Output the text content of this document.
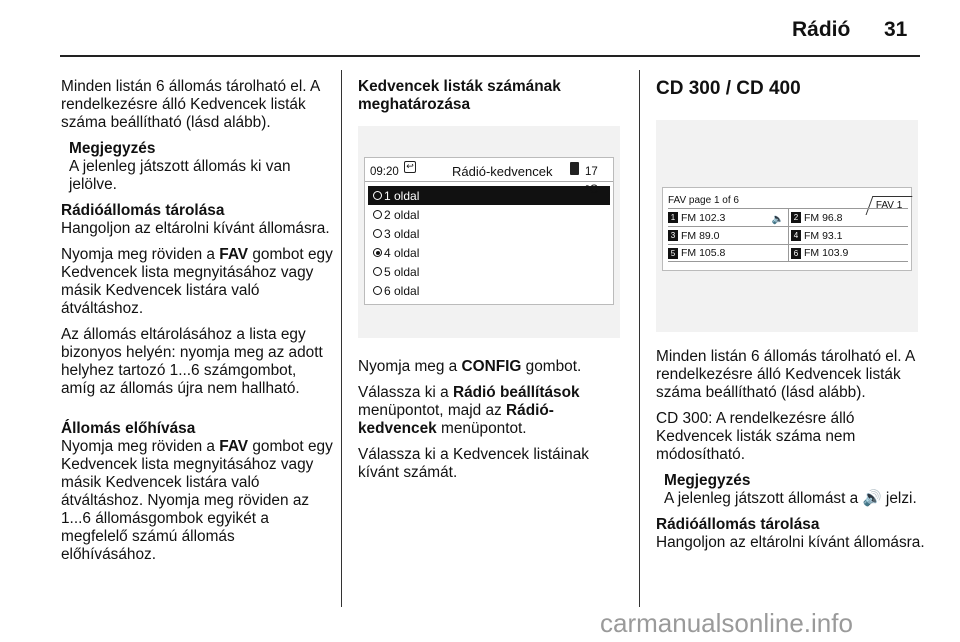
Rádió 31

Minden listán 6 állomás tárolható el. A rendelkezésre álló Kedvencek listák száma beállítható (lásd alább).

Megjegyzés
A jelenleg játszott állomás ki van jelölve.
Rádióállomás tárolása

Hangoljon az eltárolni kívánt állomásra.

Nyomja meg röviden a FAV gombot egy Kedvencek lista megnyitásához vagy másik Kedvencek listára való átváltáshoz.

Az állomás eltárolásához a lista egy bizonyos helyén: nyomja meg az adott helyhez tartozó 1...6 számgombot, amíg az állomás újra nem hallható.

Állomás előhívása

Nyomja meg röviden a FAV gombot egy Kedvencek lista megnyitásához vagy másik Kedvencek listára való átváltáshoz. Nyomja meg röviden az 1...6 állomásgombok egyikét a megfelelő számú állomás előhívásához.

Kedvencek listák számának meghatározása
09:20 ↩	Rádió-kedvencek	17 °C
1 oldal
2 oldal
3 oldal
4 oldal
5 oldal
6 oldal

Nyomja meg a CONFIG gombot.

Válassza ki a Rádió beállítások menüpontot, majd az Rádió-kedvencek menüpontot.

Válassza ki a Kedvencek listáinak kívánt számát.

CD 300 / CD 400
FAV page 1 of 6	FAV 1
1 FM 102.3	🔈	2 FM 96.8
3 FM 89.0	4 FM 93.1
5 FM 105.8	6 FM 103.9

Minden listán 6 állomás tárolható el. A rendelkezésre álló Kedvencek listák száma beállítható (lásd alább).

CD 300: A rendelkezésre álló Kedvencek listák száma nem módosítható.

Megjegyzés
A jelenleg játszott állomást a 🔊 jelzi.
Rádióállomás tárolása

Hangoljon az eltárolni kívánt állomásra.

carmanualsonline.info
